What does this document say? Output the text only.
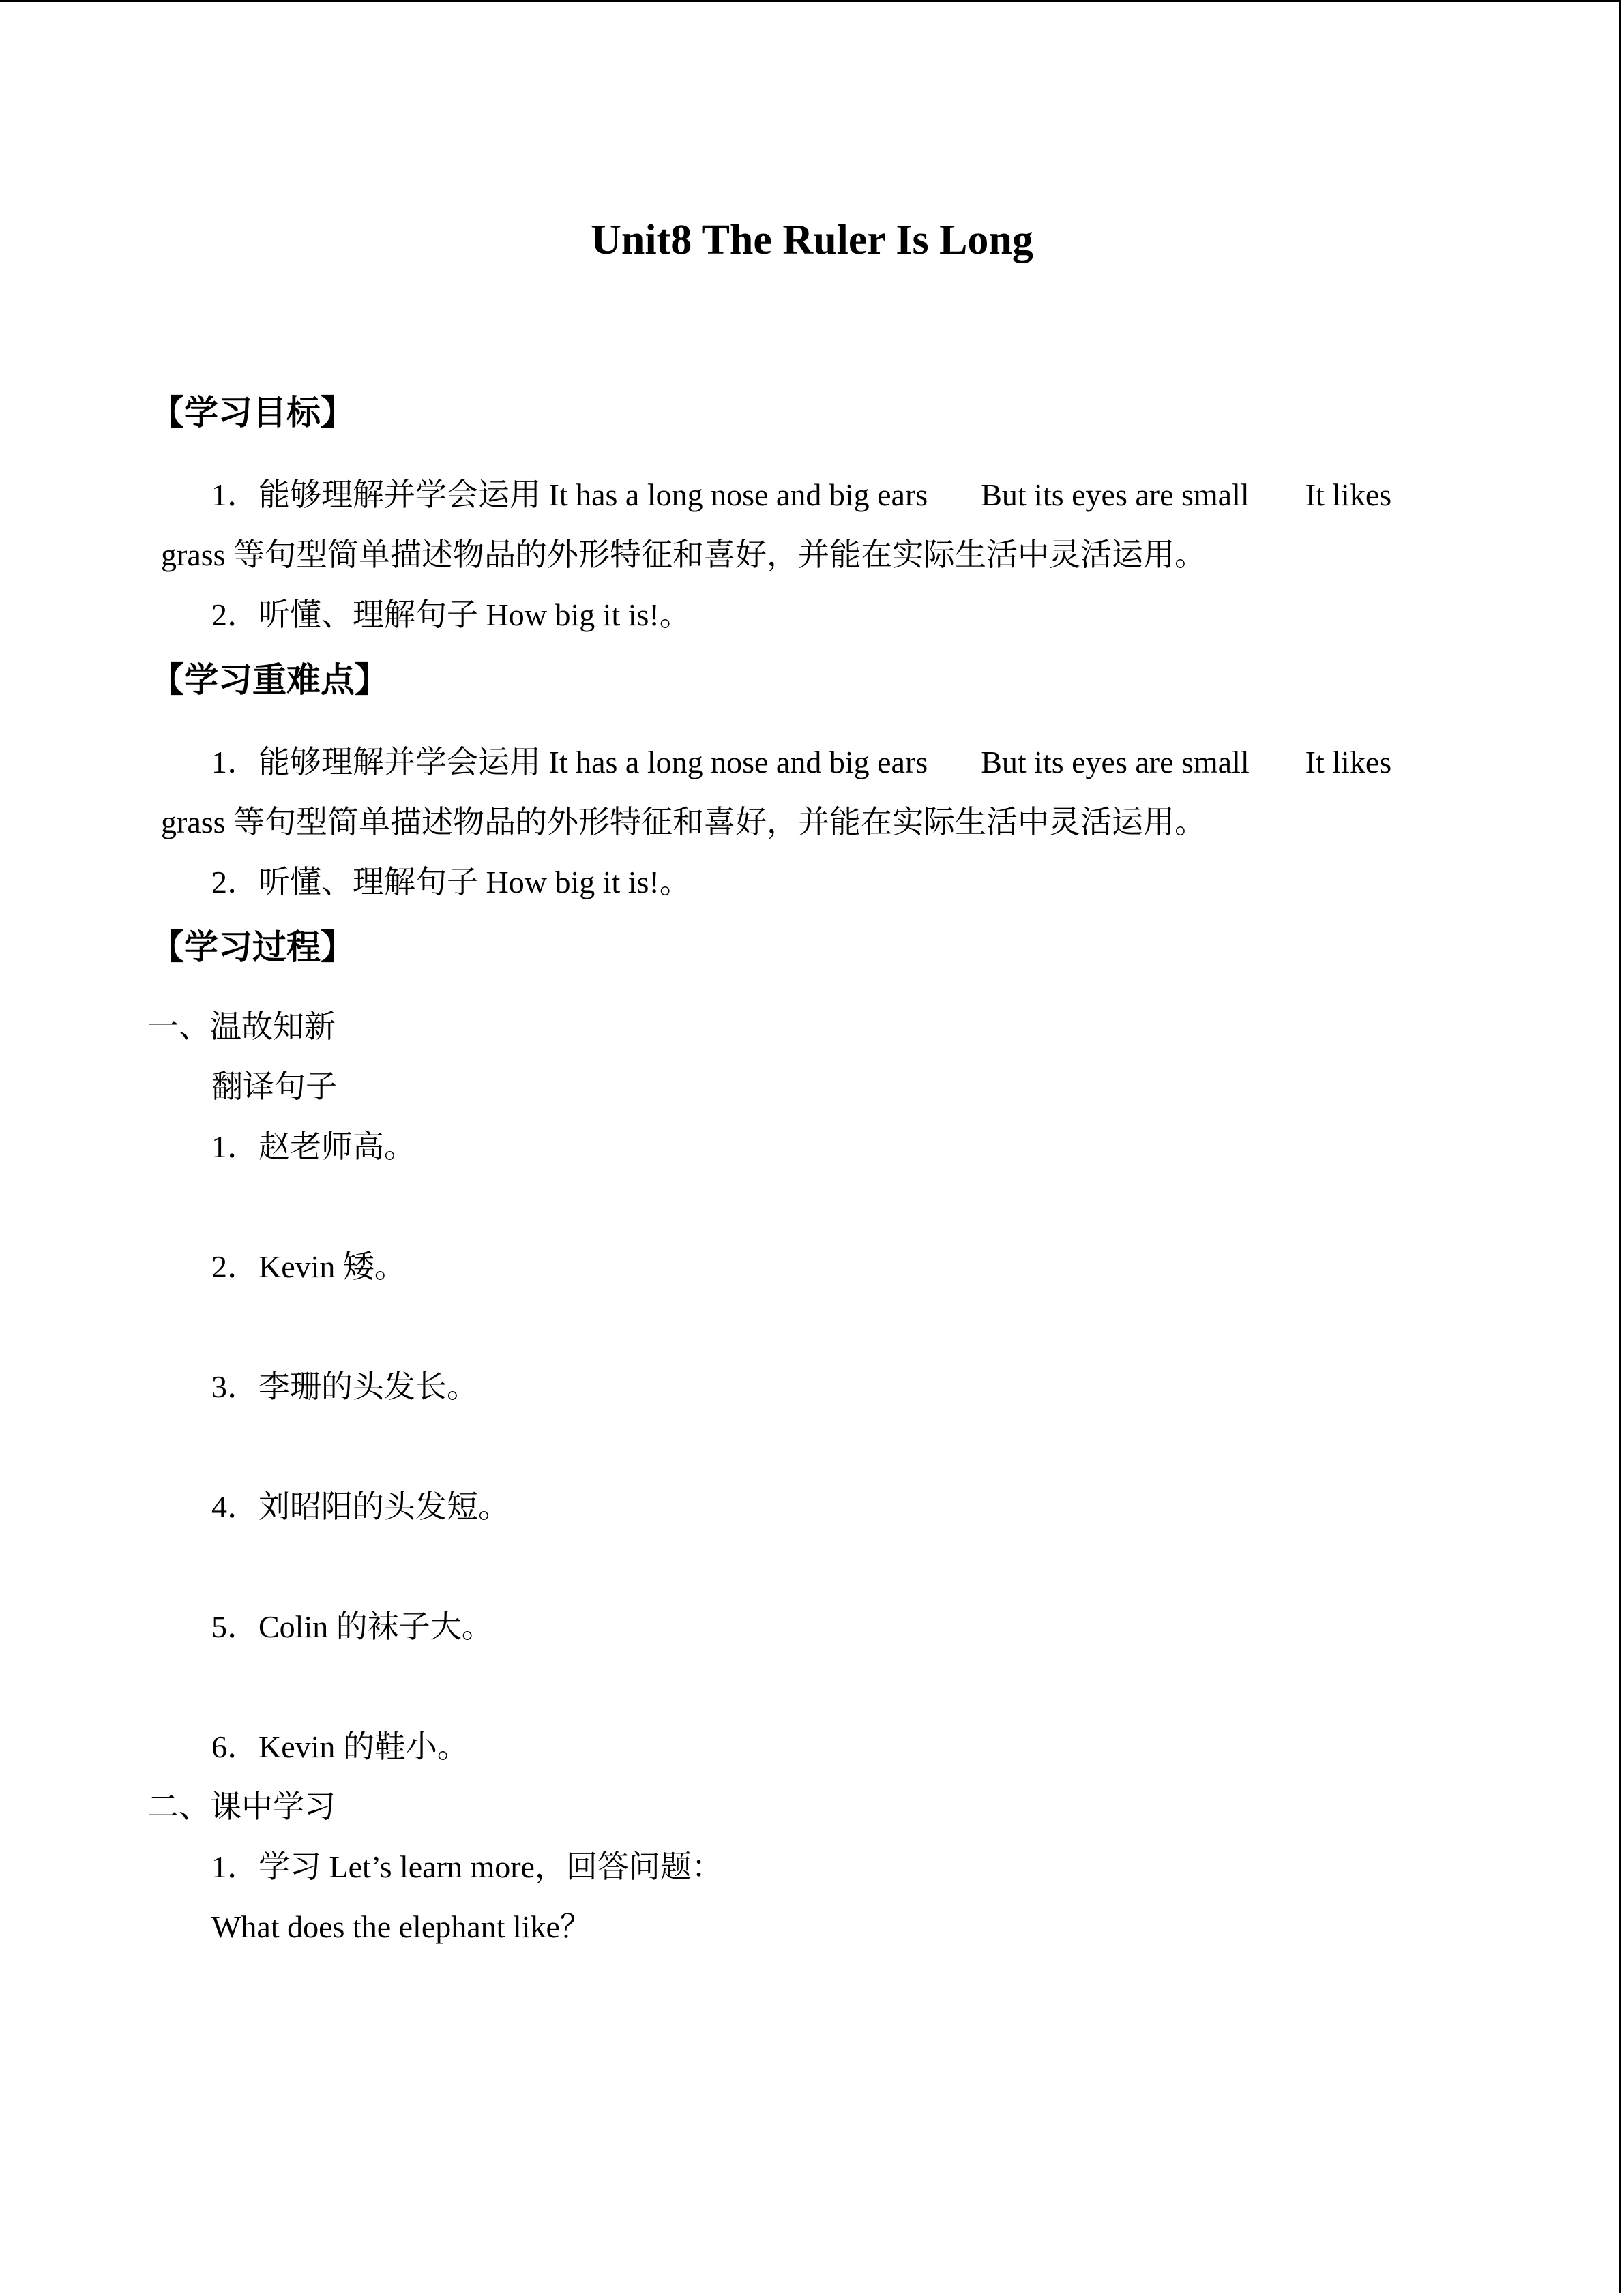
Unit8 The Ruler Is Long
【学习目标】
1．能够理解并学会运用 It has a long nose and big ears But its eyes are small It likes
grass 等句型简单描述物品的外形特征和喜好，并能在实际生活中灵活运用。
2．听懂、理解句子 How big it is!。
【学习重难点】
1．能够理解并学会运用 It has a long nose and big ears But its eyes are small It likes
grass 等句型简单描述物品的外形特征和喜好，并能在实际生活中灵活运用。
2．听懂、理解句子 How big it is!。
【学习过程】
一、温故知新
翻译句子
1．赵老师高。
2．Kevin 矮。
3．李珊的头发长。
4．刘昭阳的头发短。
5．Colin 的袜子大。
6．Kevin 的鞋小。
二、课中学习
1．学习 Let’s learn more，回答问题：
What does the elephant like？
